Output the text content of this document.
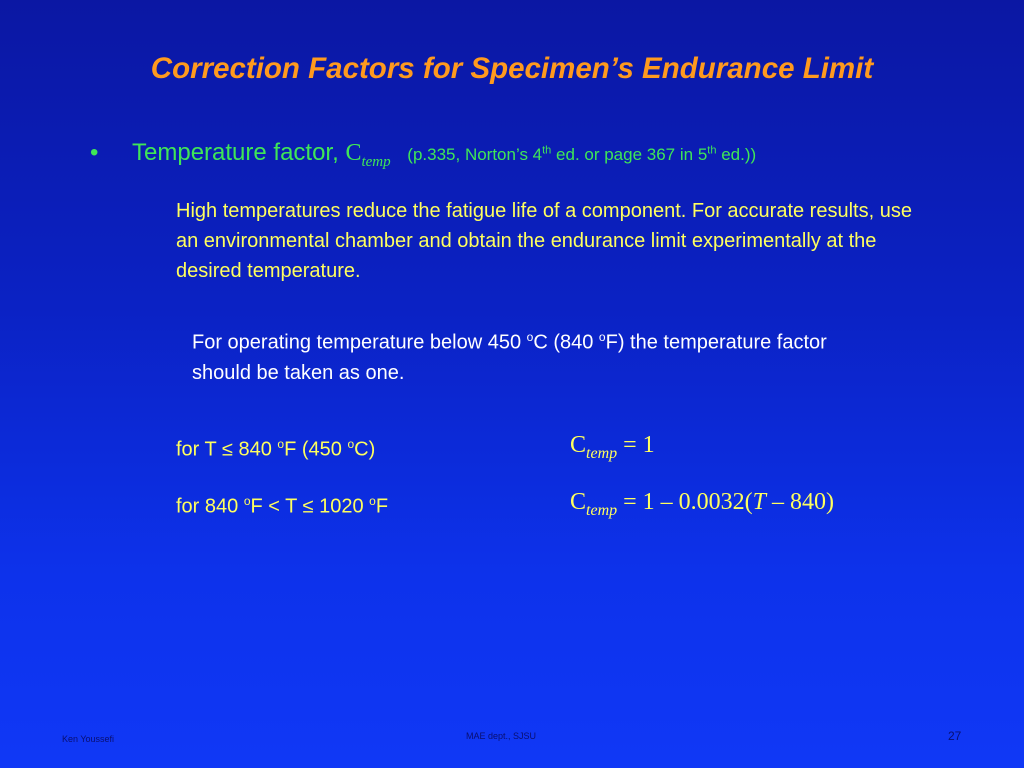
Correction Factors for Specimen’s Endurance Limit
• Temperature factor, $C_{temp}$ (p.335, Norton’s 4th ed. or page 367 in 5th ed.))
High temperatures reduce the fatigue life of a component. For accurate results, use an environmental chamber and obtain the endurance limit experimentally at the desired temperature.
For operating temperature below 450 $^o$C (840 $^o$F) the temperature factor should be taken as one.
for T ≤ 840 $^o$F (450 $^o$C)	$C_{temp} = 1$
for 840 $^o$F < T ≤ 1020 $^o$F	$C_{temp} = 1 - 0.0032(T - 840)$
Ken Youssefi	MAE dept., SJSU	27
